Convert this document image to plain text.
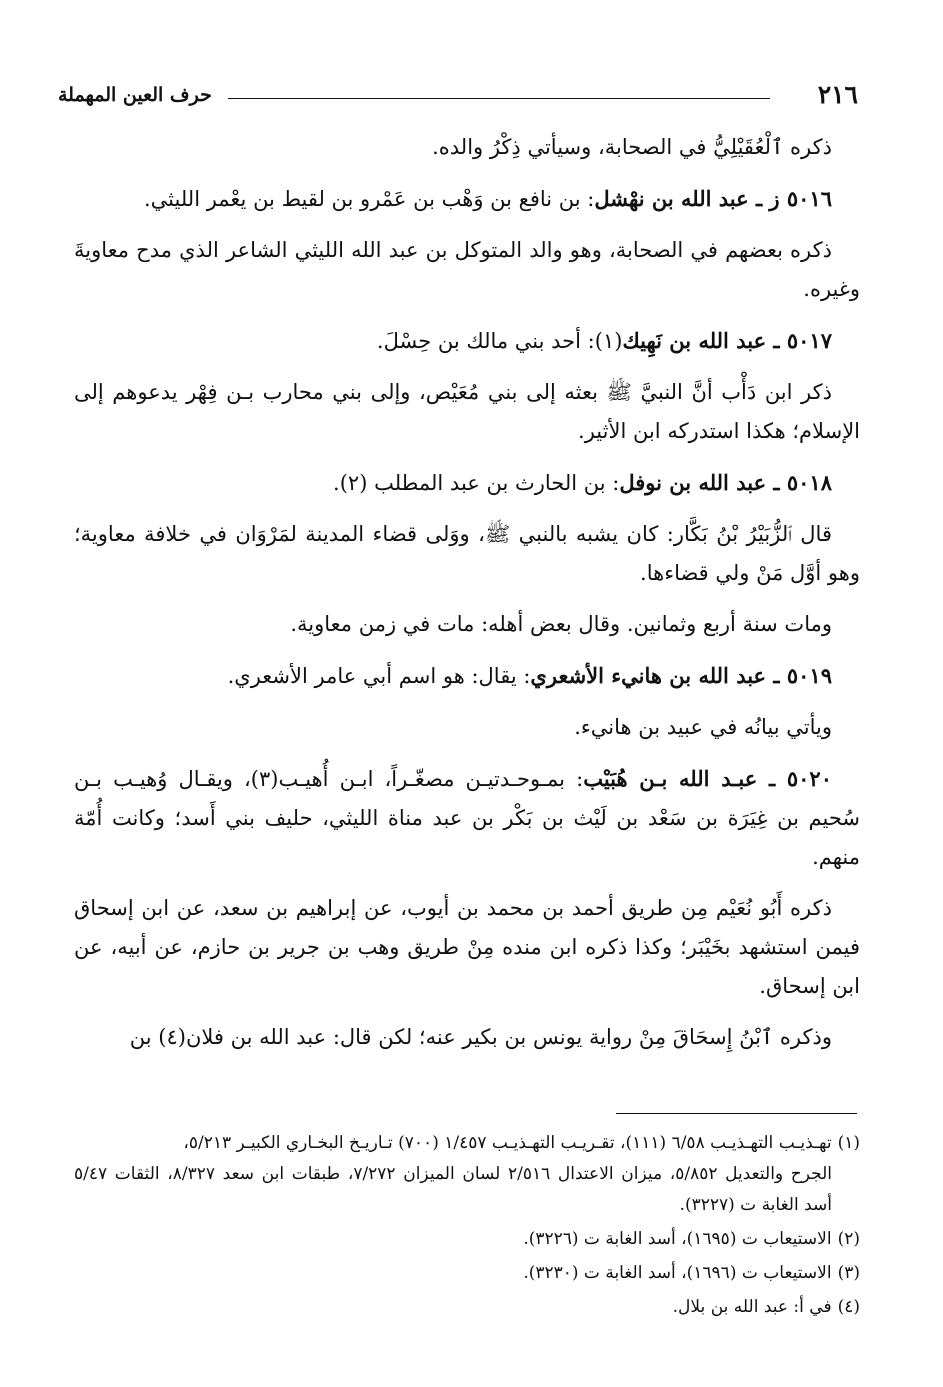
٢١٦
حرف العين المهملة

ذكره ٱلْعُقَيْلِيُّ في الصحابة، وسيأتي ذِكْرُ والده.

٥٠١٦ ز ـ عبد الله بن نهْشل: بن نافع بن وَهْب بن عَمْرو بن لقيط بن يعْمر الليثي.

ذكره بعضهم في الصحابة، وهو والد المتوكل بن عبد الله الليثي الشاعر الذي مدح معاويةَ وغيره.

٥٠١٧ ـ عبد الله بن نَهِيك(١): أحد بني مالك بن حِسْلَ.

ذكر ابن دَأْب أنَّ النبيَّ ﷺ بعثه إلى بني مُعَيْص، وإلى بني محارب بـن فِهْر يدعوهم إلى الإسلام؛ هكذا استدركه ابن الأثير.

٥٠١٨ ـ عبد الله بن نوفل: بن الحارث بن عبد المطلب (٢).

قال ٱلزُّبَيْرُ بْنُ بَكَّار: كان يشبه بالنبي ﷺ، ووَلى قضاء المدينة لمَرْوَان في خلافة معاوية؛ وهو أوَّل مَنْ ولي قضاءها.

ومات سنة أربع وثمانين. وقال بعض أهله: مات في زمن معاوية.

٥٠١٩ ـ عبد الله بن هانيء الأشعري: يقال: هو اسم أبي عامر الأشعري.

ويأتي بيانُه في عبيد بن هانيء.

٥٠٢٠ ـ عبـد الله بـن هُبَيْب: بمـوحـدتيـن مصغّـراً، ابـن أُهيـب(٣)، ويقـال وُهيـب بـن سُحيم بن غِيَرَة بن سَعْد بن لَيْث بن بَكْر بن عبد مناة الليثي، حليف بني أَسد؛ وكانت أُمّة منهم.

ذكره أَبُو نُعَيْم مِن طريق أحمد بن محمد بن أيوب، عن إبراهيم بن سعد، عن ابن إسحاق فيمن استشهد بخَيْبَر؛ وكذا ذكره ابن منده مِنْ طريق وهب بن جرير بن حازم، عن أبيه، عن ابن إسحاق.

وذكره ٱبْنُ إِسحَاقَ مِنْ رواية يونس بن بكير عنه؛ لكن قال: عبد الله بن فلان(٤) بن

(١)تهـذيـب التهـذيـب ٦/٥٨ (١١١)، تقـريـب التهـذيـب ١/٤٥٧ (٧٠٠) تـاريـخ البخـاري الكبيـر ٥/٢١٣،
الجرح والتعديل ٥/٨٥٢، ميزان الاعتدال ٢/٥١٦ لسان الميزان ٧/٢٧٢، طبقات ابن سعد ٨/٣٢٧، الثقات ٥/٤٧ أسد الغابة ت (٣٢٢٧).

(٢)الاستيعاب ت (١٦٩٥)، أسد الغابة ت (٣٢٢٦).

(٣)الاستيعاب ت (١٦٩٦)، أسد الغابة ت (٣٢٣٠).

(٤)في أ: عبد الله بن بلال.
